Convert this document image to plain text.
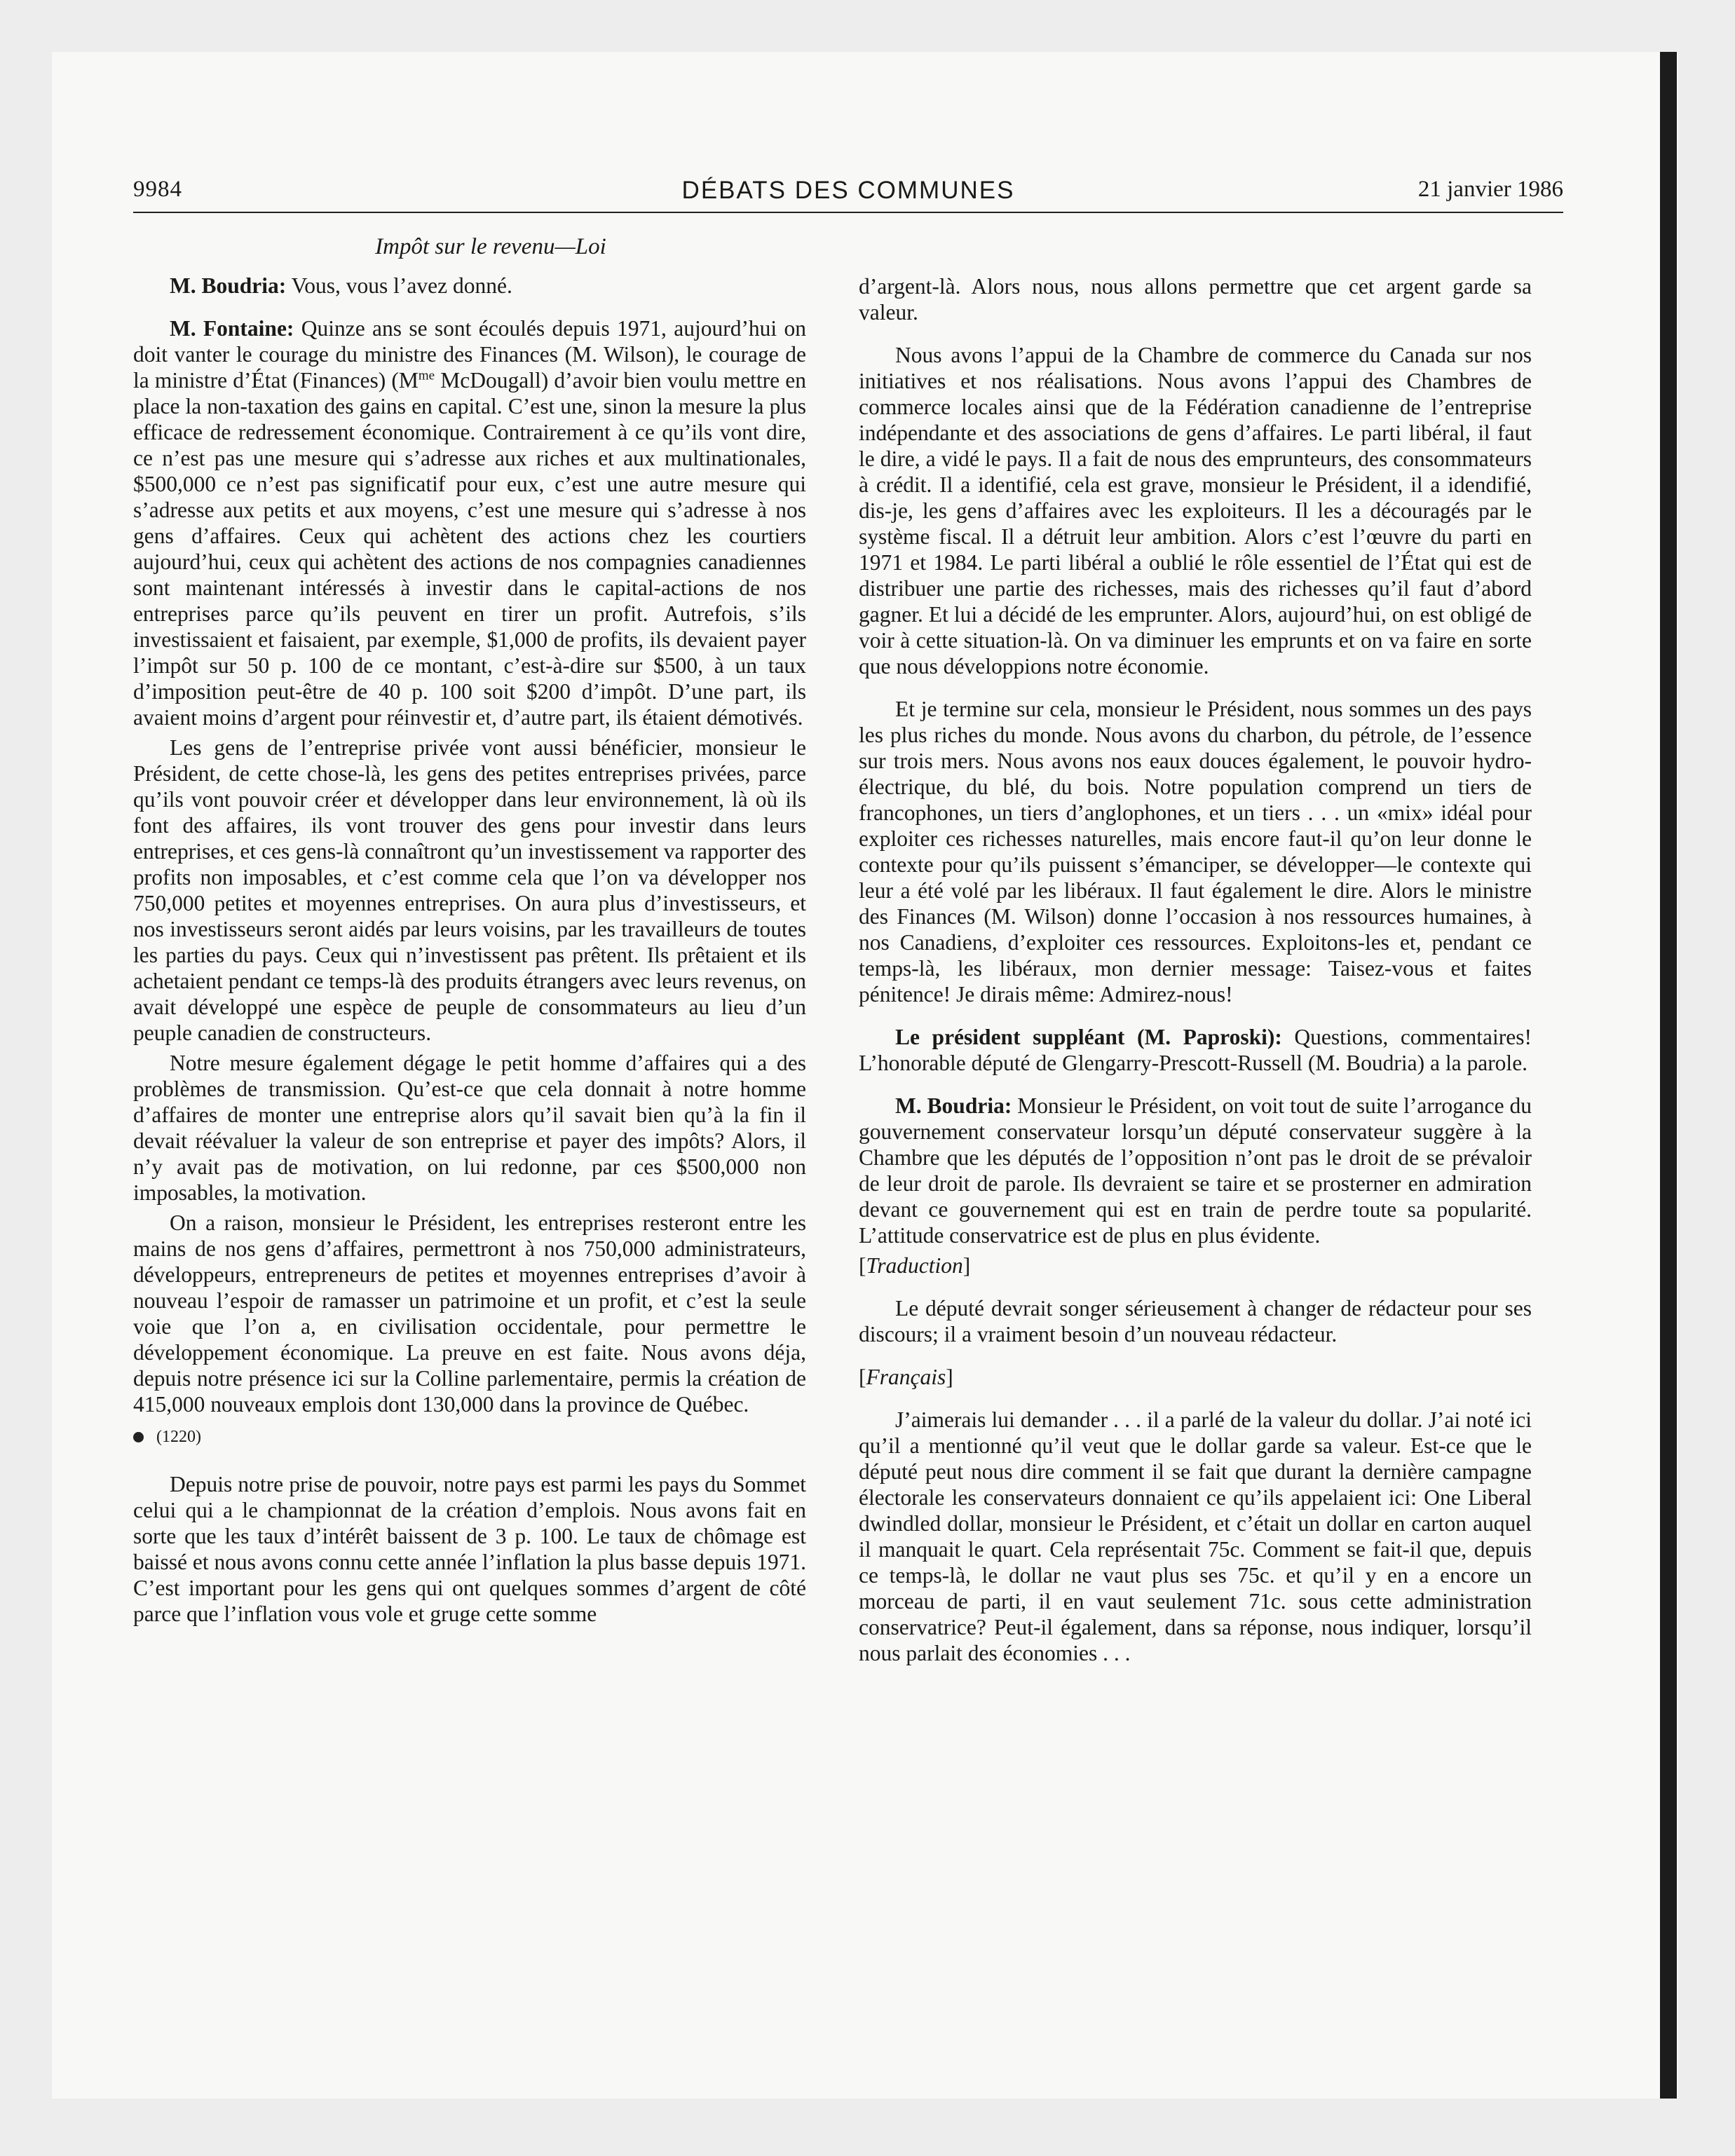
9984	DÉBATS DES COMMUNES	21 janvier 1986
Impôt sur le revenu—Loi

M. Boudria: Vous, vous l’avez donné.

M. Fontaine: Quinze ans se sont écoulés depuis 1971, aujourd’hui on doit vanter le courage du ministre des Finances (M. Wilson), le courage de la ministre d’État (Finances) ($M^{me}$ McDougall) d’avoir bien voulu mettre en place la non-taxation des gains en capital. C’est une, sinon la mesure la plus efficace de redressement économique. Contrairement à ce qu’ils vont dire, ce n’est pas une mesure qui s’adresse aux riches et aux multinationales, $500,000 ce n’est pas significatif pour eux, c’est une autre mesure qui s’adresse aux petits et aux moyens, c’est une mesure qui s’adresse à nos gens d’affaires. Ceux qui achètent des actions chez les courtiers aujourd’hui, ceux qui achètent des actions de nos compagnies canadiennes sont maintenant intéressés à investir dans le capital-actions de nos entreprises parce qu’ils peuvent en tirer un profit. Autrefois, s’ils investissaient et faisaient, par exemple, $1,000 de profits, ils devaient payer l’impôt sur 50 p. 100 de ce montant, c’est-à-dire sur $500, à un taux d’imposition peut-être de 40 p. 100 soit $200 d’impôt. D’une part, ils avaient moins d’argent pour réinvestir et, d’autre part, ils étaient démotivés.

Les gens de l’entreprise privée vont aussi bénéficier, monsieur le Président, de cette chose-là, les gens des petites entreprises privées, parce qu’ils vont pouvoir créer et développer dans leur environnement, là où ils font des affaires, ils vont trouver des gens pour investir dans leurs entreprises, et ces gens-là connaîtront qu’un investissement va rapporter des profits non imposables, et c’est comme cela que l’on va développer nos 750,000 petites et moyennes entreprises. On aura plus d’investisseurs, et nos investisseurs seront aidés par leurs voisins, par les travailleurs de toutes les parties du pays. Ceux qui n’investissent pas prêtent. Ils prêtaient et ils achetaient pendant ce temps-là des produits étrangers avec leurs revenus, on avait développé une espèce de peuple de consommateurs au lieu d’un peuple canadien de constructeurs.

Notre mesure également dégage le petit homme d’affaires qui a des problèmes de transmission. Qu’est-ce que cela donnait à notre homme d’affaires de monter une entreprise alors qu’il savait bien qu’à la fin il devait réévaluer la valeur de son entreprise et payer des impôts? Alors, il n’y avait pas de motivation, on lui redonne, par ces $500,000 non imposables, la motivation.

On a raison, monsieur le Président, les entreprises resteront entre les mains de nos gens d’affaires, permettront à nos 750,000 administrateurs, développeurs, entrepreneurs de petites et moyennes entreprises d’avoir à nouveau l’espoir de ramasser un patrimoine et un profit, et c’est la seule voie que l’on a, en civilisation occidentale, pour permettre le développement économique. La preuve en est faite. Nous avons déja, depuis notre présence ici sur la Colline parlementaire, permis la création de 415,000 nouveaux emplois dont 130,000 dans la province de Québec.

(1220)

Depuis notre prise de pouvoir, notre pays est parmi les pays du Sommet celui qui a le championnat de la création d’emplois. Nous avons fait en sorte que les taux d’intérêt baissent de 3 p. 100. Le taux de chômage est baissé et nous avons connu cette année l’inflation la plus basse depuis 1971. C’est important pour les gens qui ont quelques sommes d’argent de côté parce que l’inflation vous vole et gruge cette somme

d’argent-là. Alors nous, nous allons permettre que cet argent garde sa valeur.

Nous avons l’appui de la Chambre de commerce du Canada sur nos initiatives et nos réalisations. Nous avons l’appui des Chambres de commerce locales ainsi que de la Fédération canadienne de l’entreprise indépendante et des associations de gens d’affaires. Le parti libéral, il faut le dire, a vidé le pays. Il a fait de nous des emprunteurs, des consommateurs à crédit. Il a identifié, cela est grave, monsieur le Président, il a idendifié, dis-je, les gens d’affaires avec les exploiteurs. Il les a découragés par le système fiscal. Il a détruit leur ambition. Alors c’est l’œuvre du parti en 1971 et 1984. Le parti libéral a oublié le rôle essentiel de l’État qui est de distribuer une partie des richesses, mais des richesses qu’il faut d’abord gagner. Et lui a décidé de les emprunter. Alors, aujourd’hui, on est obligé de voir à cette situation-là. On va diminuer les emprunts et on va faire en sorte que nous développions notre économie.

Et je termine sur cela, monsieur le Président, nous sommes un des pays les plus riches du monde. Nous avons du charbon, du pétrole, de l’essence sur trois mers. Nous avons nos eaux douces également, le pouvoir hydro-électrique, du blé, du bois. Notre population comprend un tiers de francophones, un tiers d’anglophones, et un tiers . . . un «mix» idéal pour exploiter ces richesses naturelles, mais encore faut-il qu’on leur donne le contexte pour qu’ils puissent s’émanciper, se développer—le contexte qui leur a été volé par les libéraux. Il faut également le dire. Alors le ministre des Finances (M. Wilson) donne l’occasion à nos ressources humaines, à nos Canadiens, d’exploiter ces ressources. Exploitons-les et, pendant ce temps-là, les libéraux, mon dernier message: Taisez-vous et faites pénitence! Je dirais même: Admirez-nous!

Le président suppléant (M. Paproski): Questions, commentaires! L’honorable député de Glengarry-Prescott-Russell (M. Boudria) a la parole.

M. Boudria: Monsieur le Président, on voit tout de suite l’arrogance du gouvernement conservateur lorsqu’un député conservateur suggère à la Chambre que les députés de l’opposition n’ont pas le droit de se prévaloir de leur droit de parole. Ils devraient se taire et se prosterner en admiration devant ce gouvernement qui est en train de perdre toute sa popularité. L’attitude conservatrice est de plus en plus évidente.

[Traduction]

Le député devrait songer sérieusement à changer de rédacteur pour ses discours; il a vraiment besoin d’un nouveau rédacteur.

[Français]

J’aimerais lui demander . . . il a parlé de la valeur du dollar. J’ai noté ici qu’il a mentionné qu’il veut que le dollar garde sa valeur. Est-ce que le député peut nous dire comment il se fait que durant la dernière campagne électorale les conservateurs donnaient ce qu’ils appelaient ici: One Liberal dwindled dollar, monsieur le Président, et c’était un dollar en carton auquel il manquait le quart. Cela représentait 75c. Comment se fait-il que, depuis ce temps-là, le dollar ne vaut plus ses 75c. et qu’il y en a encore un morceau de parti, il en vaut seulement 71c. sous cette administration conservatrice? Peut-il également, dans sa réponse, nous indiquer, lorsqu’il nous parlait des économies . . .
